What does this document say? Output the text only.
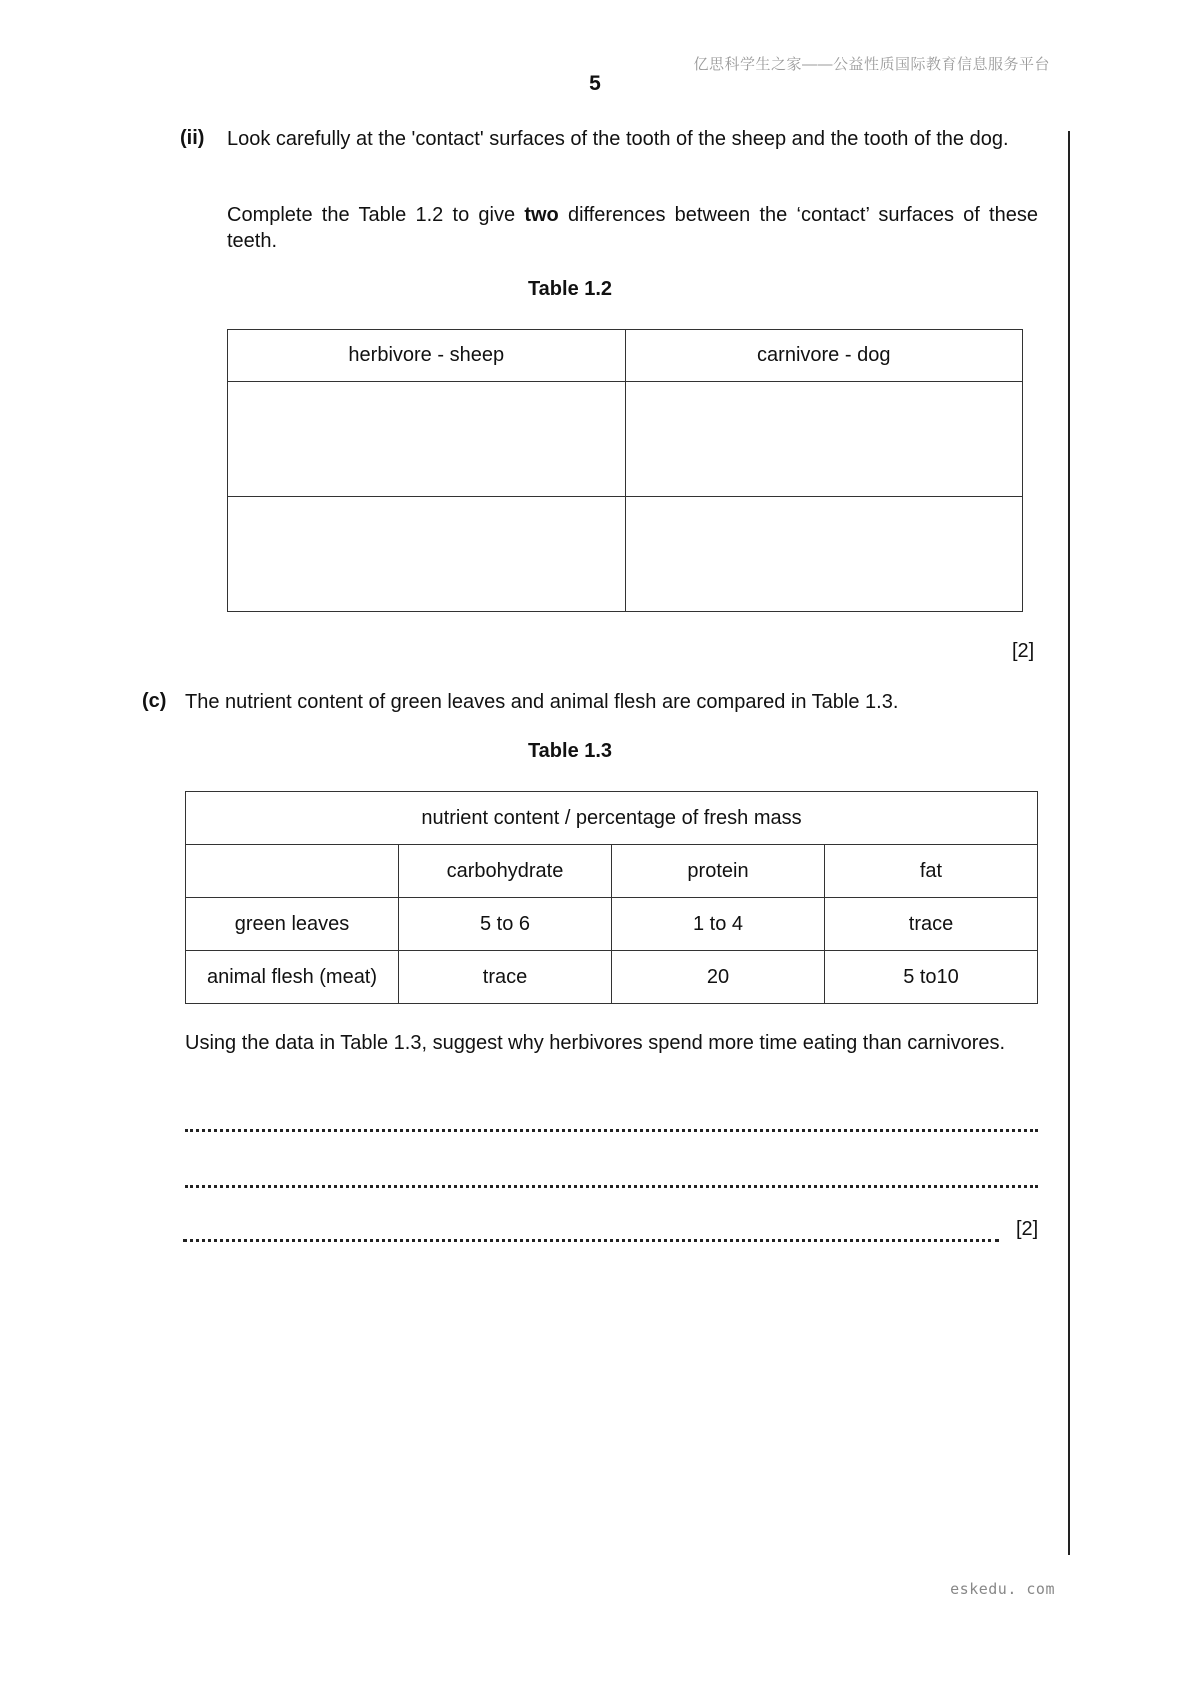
亿思科学生之家——公益性质国际教育信息服务平台
5
(ii) Look carefully at the 'contact' surfaces of the tooth of the sheep and the tooth of the dog.
Complete the Table 1.2 to give two differences between the ‘contact’ surfaces of these teeth.
Table 1.2
herbivore - sheep	carnivore - dog

[2]
(c) The nutrient content of green leaves and animal flesh are compared in Table 1.3.
Table 1.3
nutrient content / percentage of fresh mass			
	carbohydrate	protein	fat
green leaves	5 to 6	1 to 4	trace
animal flesh (meat)	trace	20	5 to10
Using the data in Table 1.3, suggest why herbivores spend more time eating than carnivores.
[2]
eskedu. com
